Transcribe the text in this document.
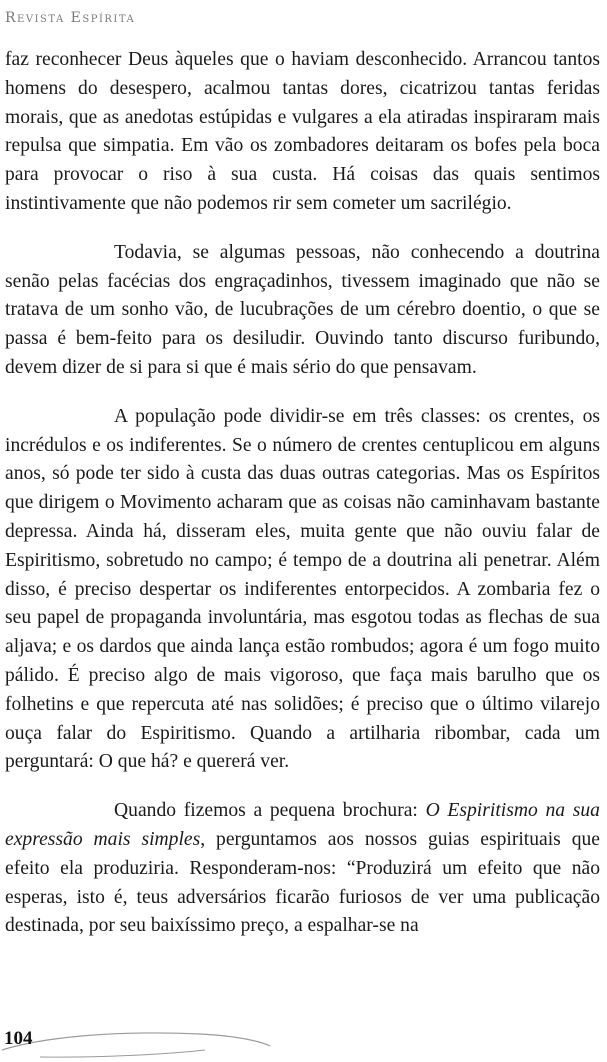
Revista Espírita

faz reconhecer Deus àqueles que o haviam desconhecido. Arrancou tantos homens do desespero, acalmou tantas dores, cicatrizou tantas feridas morais, que as anedotas estúpidas e vulgares a ela atiradas inspiraram mais repulsa que simpatia. Em vão os zombadores deitaram os bofes pela boca para provocar o riso à sua custa. Há coisas das quais sentimos instintivamente que não podemos rir sem cometer um sacrilégio.

Todavia, se algumas pessoas, não conhecendo a doutrina senão pelas facécias dos engraçadinhos, tivessem imaginado que não se tratava de um sonho vão, de lucubrações de um cérebro doentio, o que se passa é bem-feito para os desiludir. Ouvindo tanto discurso furibundo, devem dizer de si para si que é mais sério do que pensavam.

A população pode dividir-se em três classes: os crentes, os incrédulos e os indiferentes. Se o número de crentes centuplicou em alguns anos, só pode ter sido à custa das duas outras categorias. Mas os Espíritos que dirigem o Movimento acharam que as coisas não caminhavam bastante depressa. Ainda há, disseram eles, muita gente que não ouviu falar de Espiritismo, sobretudo no campo; é tempo de a doutrina ali penetrar. Além disso, é preciso despertar os indiferentes entorpecidos. A zombaria fez o seu papel de propaganda involuntária, mas esgotou todas as flechas de sua aljava; e os dardos que ainda lança estão rombudos; agora é um fogo muito pálido. É preciso algo de mais vigoroso, que faça mais barulho que os folhetins e que repercuta até nas solidões; é preciso que o último vilarejo ouça falar do Espiritismo. Quando a artilharia ribombar, cada um perguntará: O que há? e quererá ver.

Quando fizemos a pequena brochura: O Espiritismo na sua expressão mais simples, perguntamos aos nossos guias espirituais que efeito ela produziria. Responderam-nos: “Produzirá um efeito que não esperas, isto é, teus adversários ficarão furiosos de ver uma publicação destinada, por seu baixíssimo preço, a espalhar-se na

104
